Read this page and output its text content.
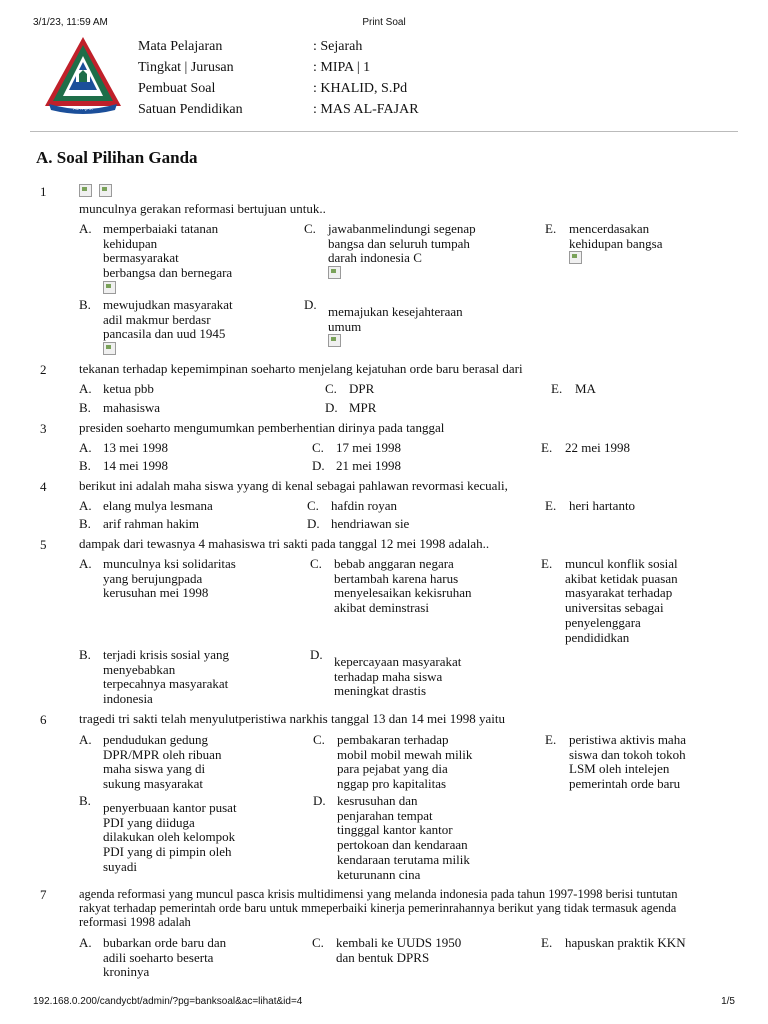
3/1/23, 11:59 AM	Print Soal
AL-FAJAR
Mata Pelajaran	: Sejarah
Tingkat | Jurusan	: MIPA | 1
Pembuat Soal	: KHALID, S.Pd
Satuan Pendidikan	: MAS AL-FAJAR
A. Soal Pilihan Ganda
1
munculnya gerakan reformasi bertujuan untuk..
A. memperbaiaki tatanan
kehidupan
bermasyarakat
berbangsa dan bernegara
C. jawabanmelindungi segenap
bangsa dan seluruh tumpah
darah indonesia C
E. mencerdasakan
kehidupan bangsa
B. mewujudkan masyarakat
adil makmur berdasr
pancasila dan uud 1945
D. memajukan kesejahteraan
umum
2	tekanan terhadap kepemimpinan soeharto menjelang kejatuhan orde baru berasal dari
A. ketua pbb	C. DPR	E. MA
B. mahasiswa	D. MPR
3	presiden soeharto mengumumkan pemberhentian dirinya pada tanggal
A. 13 mei 1998	C. 17 mei 1998	E. 22 mei 1998
B. 14 mei 1998	D. 21 mei 1998
4	berikut ini adalah maha siswa yyang di kenal sebagai pahlawan revormasi kecuali,
A. elang mulya lesmana	C. hafdin royan	E. heri hartanto
B. arif rahman hakim	D. hendriawan sie
5	dampak dari tewasnya 4 mahasiswa tri sakti pada tanggal 12 mei 1998 adalah..
A. munculnya ksi solidaritas
yang berujungpada
kerusuhan mei 1998
C. bebab anggaran negara
bertambah karena harus
menyelesaikan kekisruhan
akibat deminstrasi
E. muncul konflik sosial
akibat ketidak puasan
masyarakat terhadap
universitas sebagai
penyelenggara
pendididkan
B. terjadi krisis sosial yang
menyebabkan
terpecahnya masyarakat
indonesia
D. kepercayaan masyarakat
terhadap maha siswa
meningkat drastis
6	tragedi tri sakti telah menyulutperistiwa narkhis tanggal 13 dan 14 mei 1998 yaitu
A. pendudukan gedung
DPR/MPR oleh ribuan
maha siswa yang di
sukung masyarakat
C. pembakaran terhadap
mobil mobil mewah milik
para pejabat yang dia
nggap pro kapitalitas
E. peristiwa aktivis maha
siswa dan tokoh tokoh
LSM oleh intelejen
pemerintah orde baru
B. penyerbuaan kantor pusat
PDI yang diiduga
dilakukan oleh kelompok
PDI yang di pimpin oleh
suyadi
D. kesrusuhan dan
penjarahan tempat
tingggal kantor kantor
pertokoan dan kendaraan
kendaraan terutama milik
keturunann cina
7	agenda reformasi yang muncul pasca krisis multidimensi yang melanda indonesia pada tahun 1997-1998 berisi tuntutan rakyat terhadap pemerintah orde baru untuk mmeperbaiki kinerja pemerinrahannya berikut yang tidak termasuk agenda reformasi 1998 adalah
A. bubarkan orde baru dan
adili soeharto beserta
kroninya
C. kembali ke UUDS 1950
dan bentuk DPRS
E. hapuskan praktik KKN
192.168.0.200/candycbt/admin/?pg=banksoal&ac=lihat&id=4	1/5
